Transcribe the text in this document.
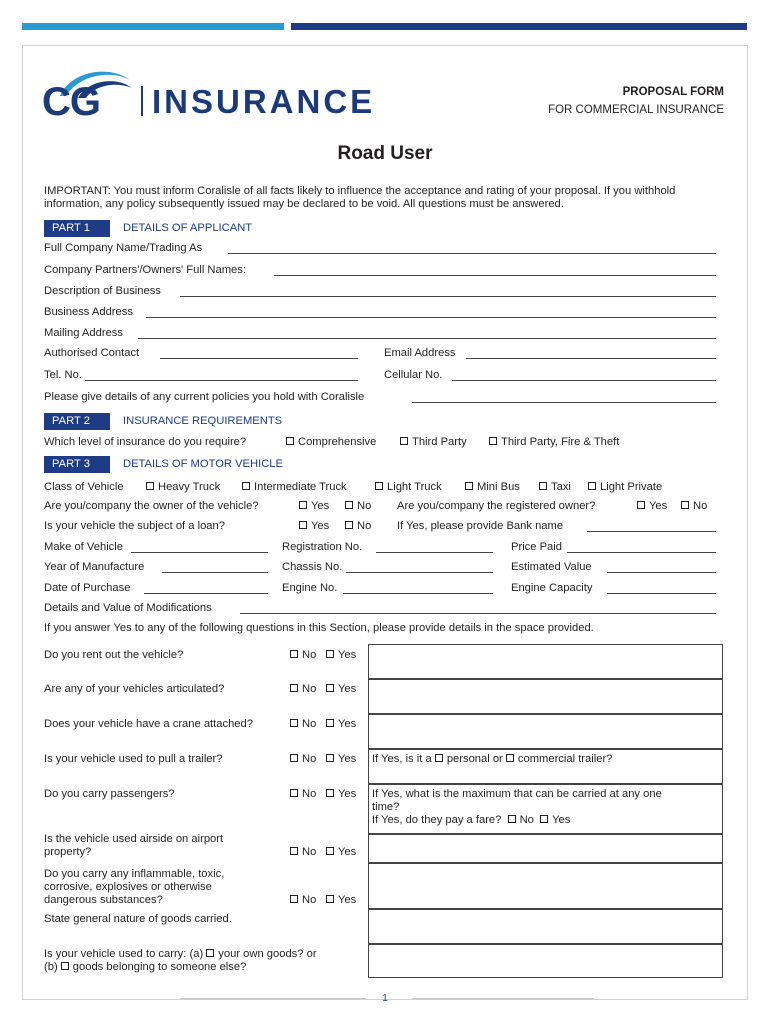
CG INSURANCE	PROPOSAL FORM
FOR COMMERCIAL INSURANCE
Road User
IMPORTANT: You must inform Coralisle of all facts likely to influence the acceptance and rating of your proposal. If you withhold information, any policy subsequently issued may be declared to be void. All questions must be answered.
PART 1	DETAILS OF APPLICANT
Full Company Name/Trading As
Company Partners'/Owners' Full Names:
Description of Business
Business Address
Mailing Address
Authorised Contact	Email Address
Tel. No.	Cellular No.
Please give details of any current policies you hold with Coralisle
PART 2	INSURANCE REQUIREMENTS
Which level of insurance do you require?	Comprehensive	Third Party	Third Party, Fire & Theft
PART 3	DETAILS OF MOTOR VEHICLE
Class of Vehicle	Heavy Truck	Intermediate Truck	Light Truck	Mini Bus	Taxi	Light Private
Are you/company the owner of the vehicle?	Yes	No Are you/company the registered owner?	Yes	No
Is your vehicle the subject of a loan?	Yes	No If Yes, please provide Bank name
Make of Vehicle	Registration No.	Price Paid
Year of Manufacture	Chassis No.	Estimated Value
Date of Purchase	Engine No.	Engine Capacity
Details and Value of Modifications
If you answer Yes to any of the following questions in this Section, please provide details in the space provided.
Do you rent out the vehicle?	No	Yes
Are any of your vehicles articulated?	No	Yes
Does your vehicle have a crane attached?	No	Yes
Is your vehicle used to pull a trailer?	No	Yes If Yes, is it a personal or commercial trailer?
Do you carry passengers?	No	Yes If Yes, what is the maximum that can be carried at any one
time?
If Yes, do they pay a fare? No Yes
Is the vehicle used airside on airport
property?	No	Yes
Do you carry any inflammable, toxic,
corrosive, explosives or otherwise
dangerous substances?	No	Yes
State general nature of goods carried.
Is your vehicle used to carry: (a) your own goods? or
(b) goods belonging to someone else?
1
